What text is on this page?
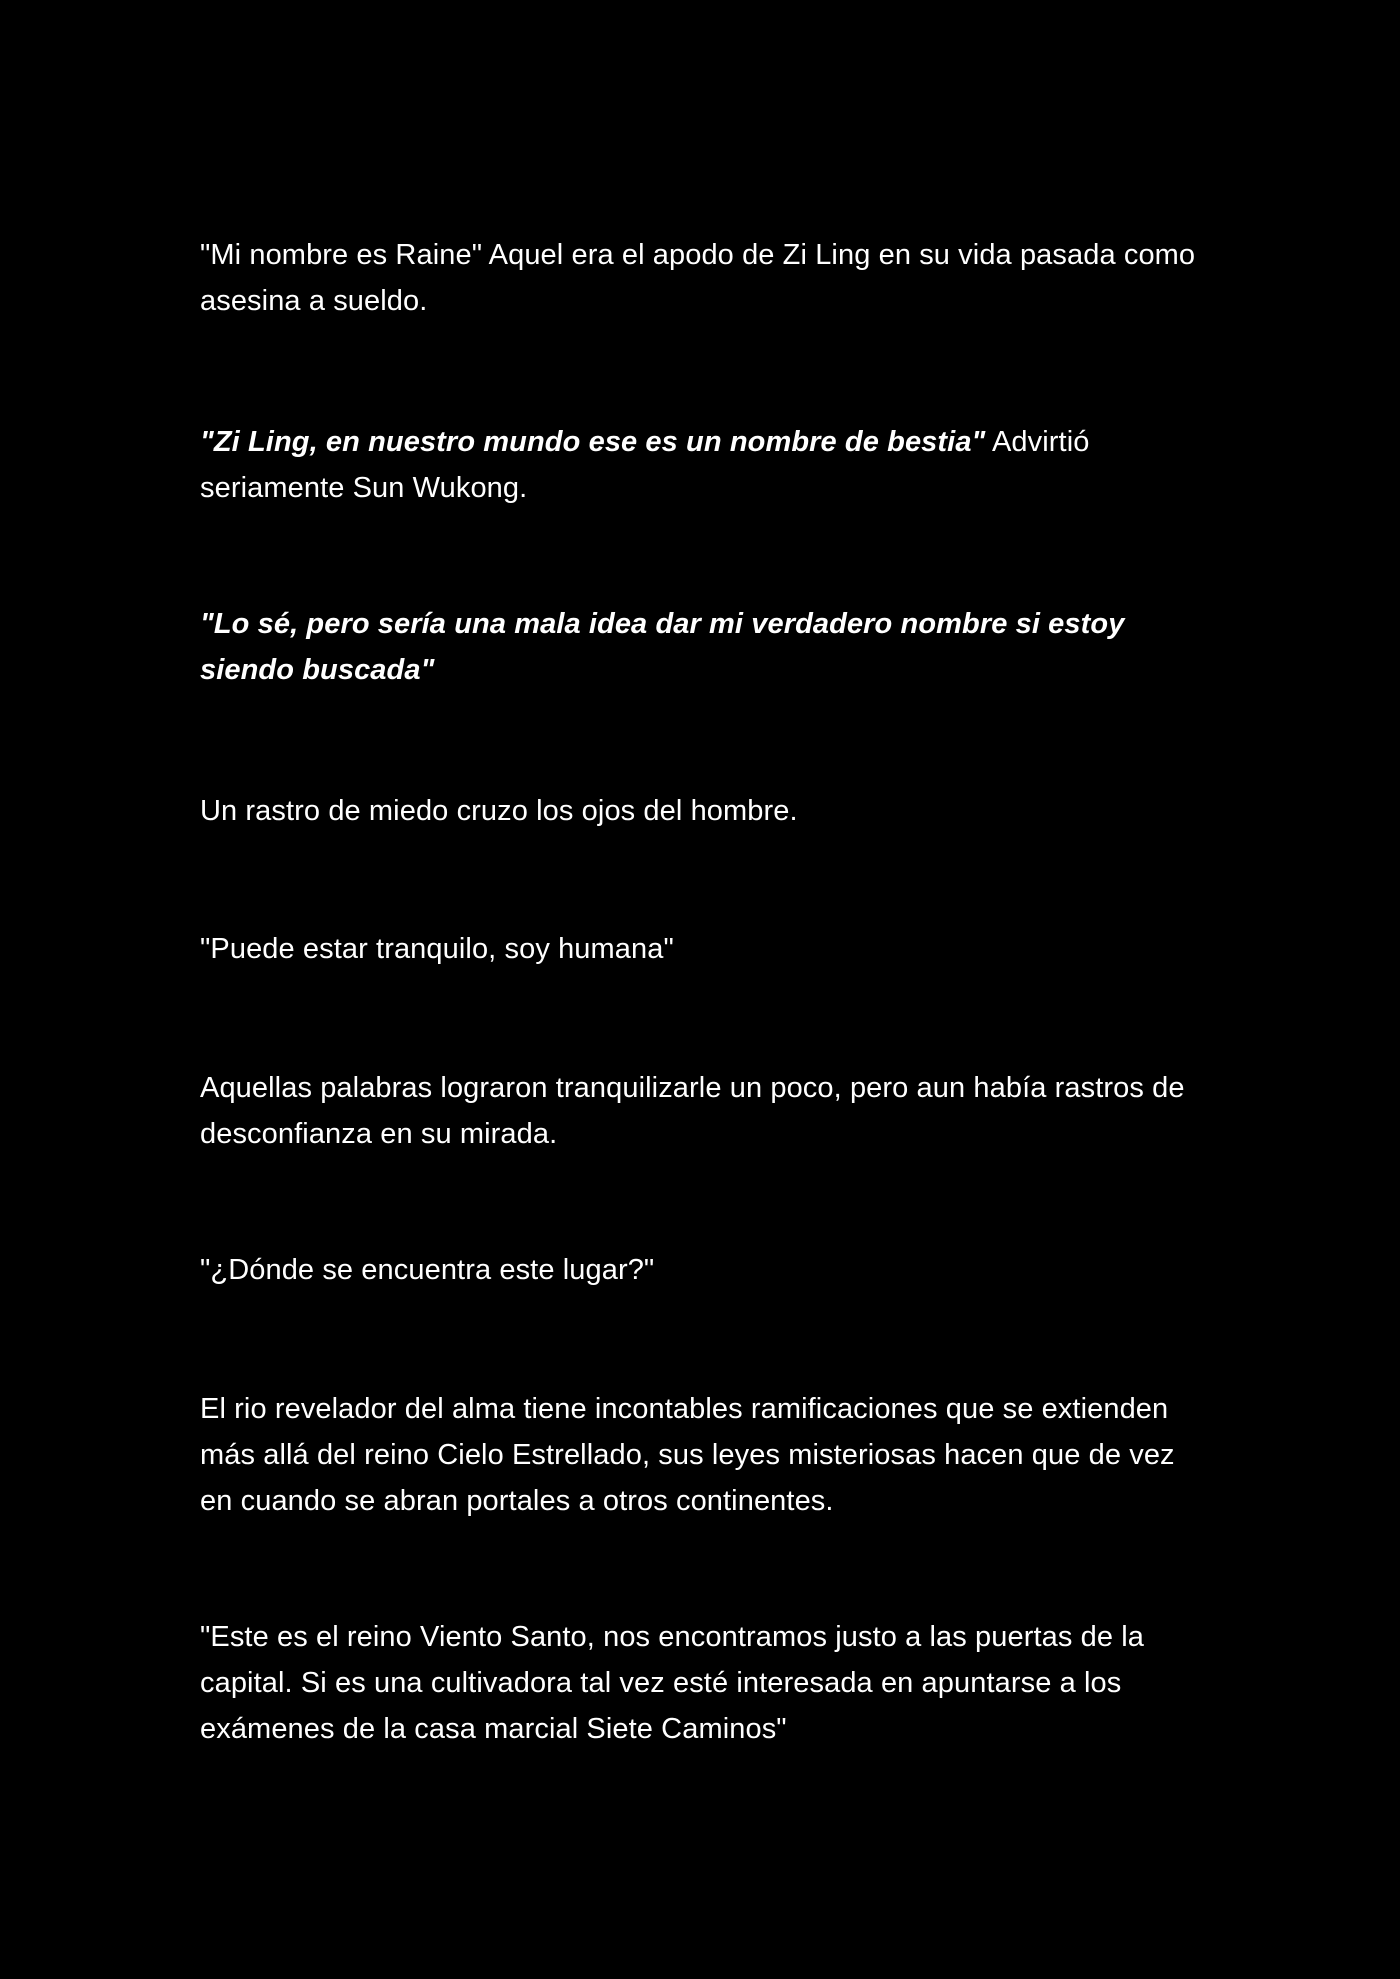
"Mi nombre es Raine" Aquel era el apodo de Zi Ling en su vida pasada como asesina a sueldo.

"Zi Ling, en nuestro mundo ese es un nombre de bestia" Advirtió seriamente Sun Wukong.

"Lo sé, pero sería una mala idea dar mi verdadero nombre si estoy siendo buscada"

Un rastro de miedo cruzo los ojos del hombre.

"Puede estar tranquilo, soy humana"

Aquellas palabras lograron tranquilizarle un poco, pero aun había rastros de desconfianza en su mirada.

"¿Dónde se encuentra este lugar?"

El rio revelador del alma tiene incontables ramificaciones que se extienden más allá del reino Cielo Estrellado, sus leyes misteriosas hacen que de vez en cuando se abran portales a otros continentes.

"Este es el reino Viento Santo, nos encontramos justo a las puertas de la capital. Si es una cultivadora tal vez esté interesada en apuntarse a los exámenes de la casa marcial Siete Caminos"
